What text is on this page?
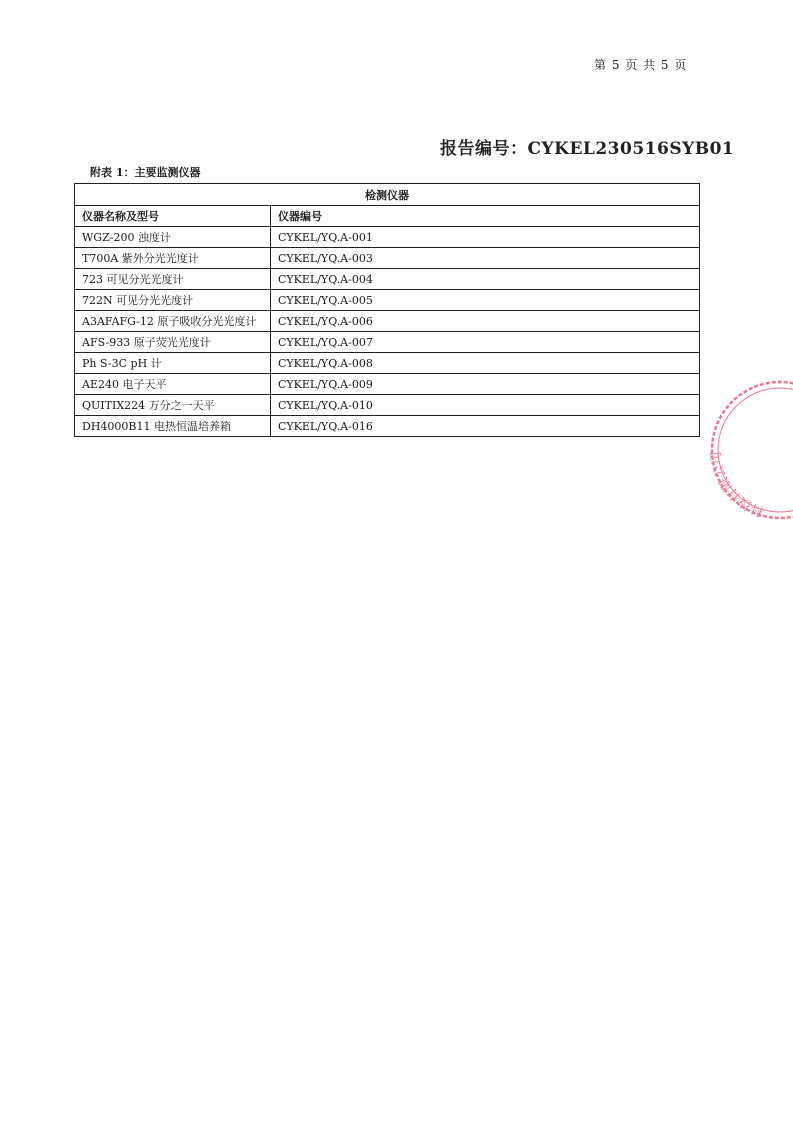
第 5 页 共 5 页
报告编号：CYKEL230516SYB01
附表 1：主要监测仪器
检测仪器	
仪器名称及型号	仪器编号
WGZ-200 浊度计	CYKEL/YQ.A-001
T700A 紫外分光光度计	CYKEL/YQ.A-003
723 可见分光光度计	CYKEL/YQ.A-004
722N 可见分光光度计	CYKEL/YQ.A-005
A3AFAFG-12 原子吸收分光光度计	CYKEL/YQ.A-006
AFS-933 原子荧光光度计	CYKEL/YQ.A-007
Ph S-3C pH 计	CYKEL/YQ.A-008
AE240 电子天平	CYKEL/YQ.A-009
QUITIX224 万分之一天平	CYKEL/YQ.A-010
DH4000B11 电热恒温培养箱	CYKEL/YQ.A-016
科技有限公司
